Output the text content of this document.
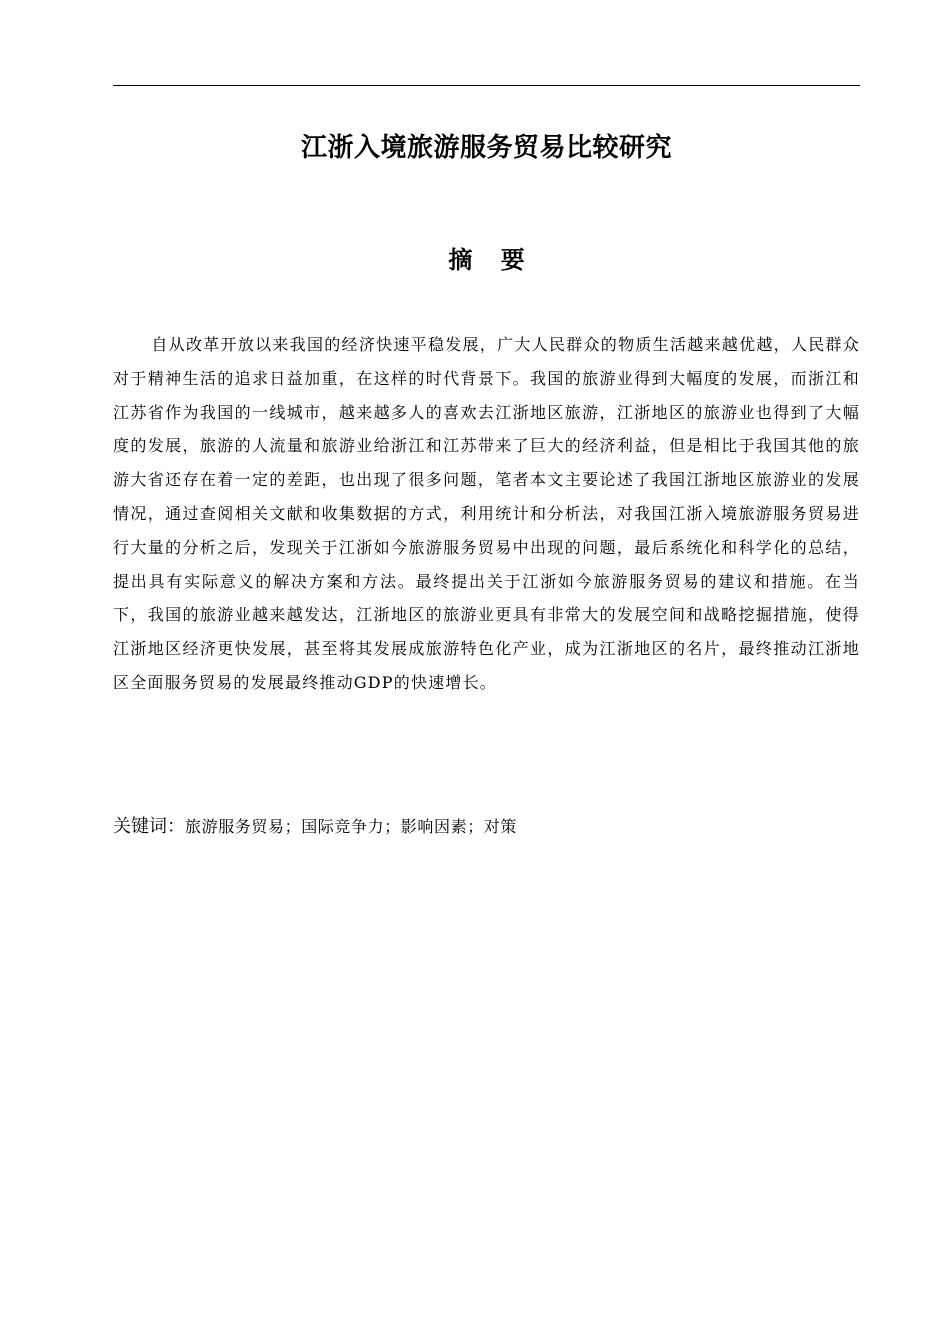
江浙入境旅游服务贸易比较研究
摘 要

自从改革开放以来我国的经济快速平稳发展，广大人民群众的物质生活越来越优越，人民群众对于精神生活的追求日益加重，在这样的时代背景下。我国的旅游业得到大幅度的发展，而浙江和江苏省作为我国的一线城市，越来越多人的喜欢去江浙地区旅游，江浙地区的旅游业也得到了大幅度的发展，旅游的人流量和旅游业给浙江和江苏带来了巨大的经济利益，但是相比于我国其他的旅游大省还存在着一定的差距，也出现了很多问题，笔者本文主要论述了我国江浙地区旅游业的发展情况，通过查阅相关文献和收集数据的方式，利用统计和分析法，对我国江浙入境旅游服务贸易进行大量的分析之后，发现关于江浙如今旅游服务贸易中出现的问题，最后系统化和科学化的总结，提出具有实际意义的解决方案和方法。最终提出关于江浙如今旅游服务贸易的建议和措施。在当下，我国的旅游业越来越发达，江浙地区的旅游业更具有非常大的发展空间和战略挖掘措施，使得江浙地区经济更快发展，甚至将其发展成旅游特色化产业，成为江浙地区的名片，最终推动江浙地区全面服务贸易的发展最终推动GDP的快速增长。

关键词：旅游服务贸易；国际竞争力；影响因素；对策
